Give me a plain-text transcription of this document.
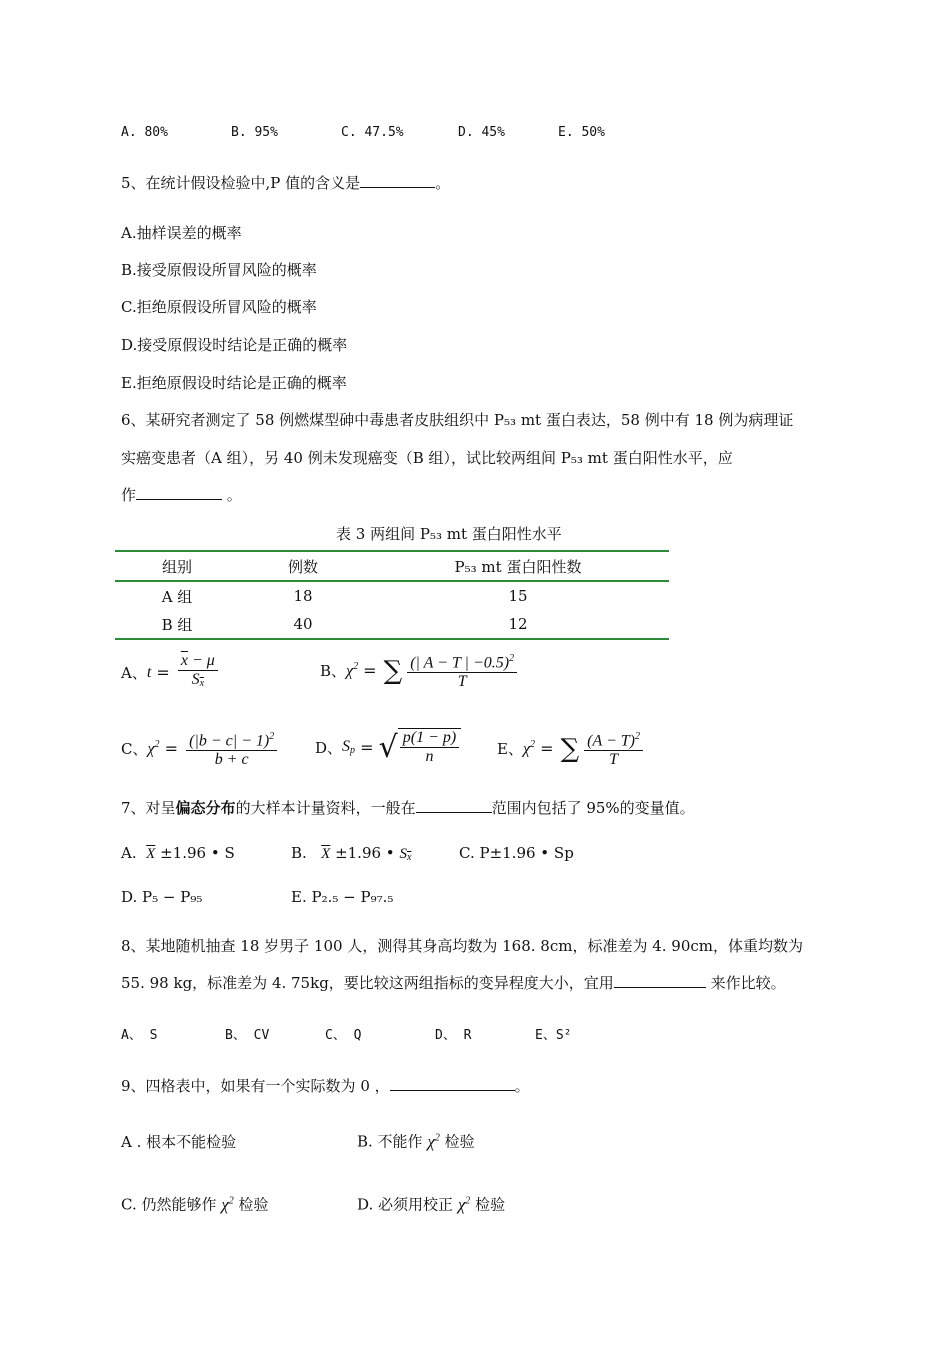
A. 80%	B. 95%	C. 47.5%	D. 45%	E. 50%
5、在统计假设检验中,P 值的含义是	。
A.抽样误差的概率
B.接受原假设所冒风险的概率
C.拒绝原假设所冒风险的概率
D.接受原假设时结论是正确的概率
E.拒绝原假设时结论是正确的概率
6、某研究者测定了 58 例燃煤型砷中毒患者皮肤组织中 P₅₃ mt 蛋白表达，58 例中有 18 例为病理证
实癌变患者（A 组），另 40 例未发现癌变（B 组），试比较两组间 P₅₃ mt 蛋白阳性水平，应
作	。
表 3 两组间 P₅₃ mt 蛋白阳性水平
组别	例数	P₅₃ mt 蛋白阳性数
A 组	18	15
B 组	40	12
A、 $t = \frac{\overline{x} - \mu}{S_{\overline{x}}}$	B、 $\chi^2$ = ∑ $\frac{(| A - T | -0.5)^2}{T}$
C、 $\chi^2 = \frac{(|b - c| - 1)^2}{b + c}$	D、 $S_p$ = √ $\frac{p(1 - p)}{n}$	E、 $\chi^2$ = ∑ $\frac{(A - T)^2}{T}$
7、对呈偏态分布的大样本计量资料，一般在	范围内包括了 95%的变量值。
A. $\overline{X} \pm 1.96$ • S	B. $\overline{X} \pm 1.96$ • $S_{\overline{x}}$	C. P±1.96 • Sp
D. P₅ − P₉₅	E. P₂.₅ − P₉₇.₅
8、某地随机抽查 18 岁男子 100 人，测得其身高均数为 168. 8cm，标准差为 4. 90cm，体重均数为
55. 98 kg，标准差为 4. 75kg，要比较这两组指标的变异程度大小，宜用	来作比较。
A、 S	B、 CV	C、 Q	D、 R	E、S²
9、四格表中，如果有一个实际数为 0 ，	。
A . 根本不能检验	B. 不能作 $\chi^2$ 检验
C. 仍然能够作 $\chi^2$ 检验	D. 必须用校正 $\chi^2$ 检验
